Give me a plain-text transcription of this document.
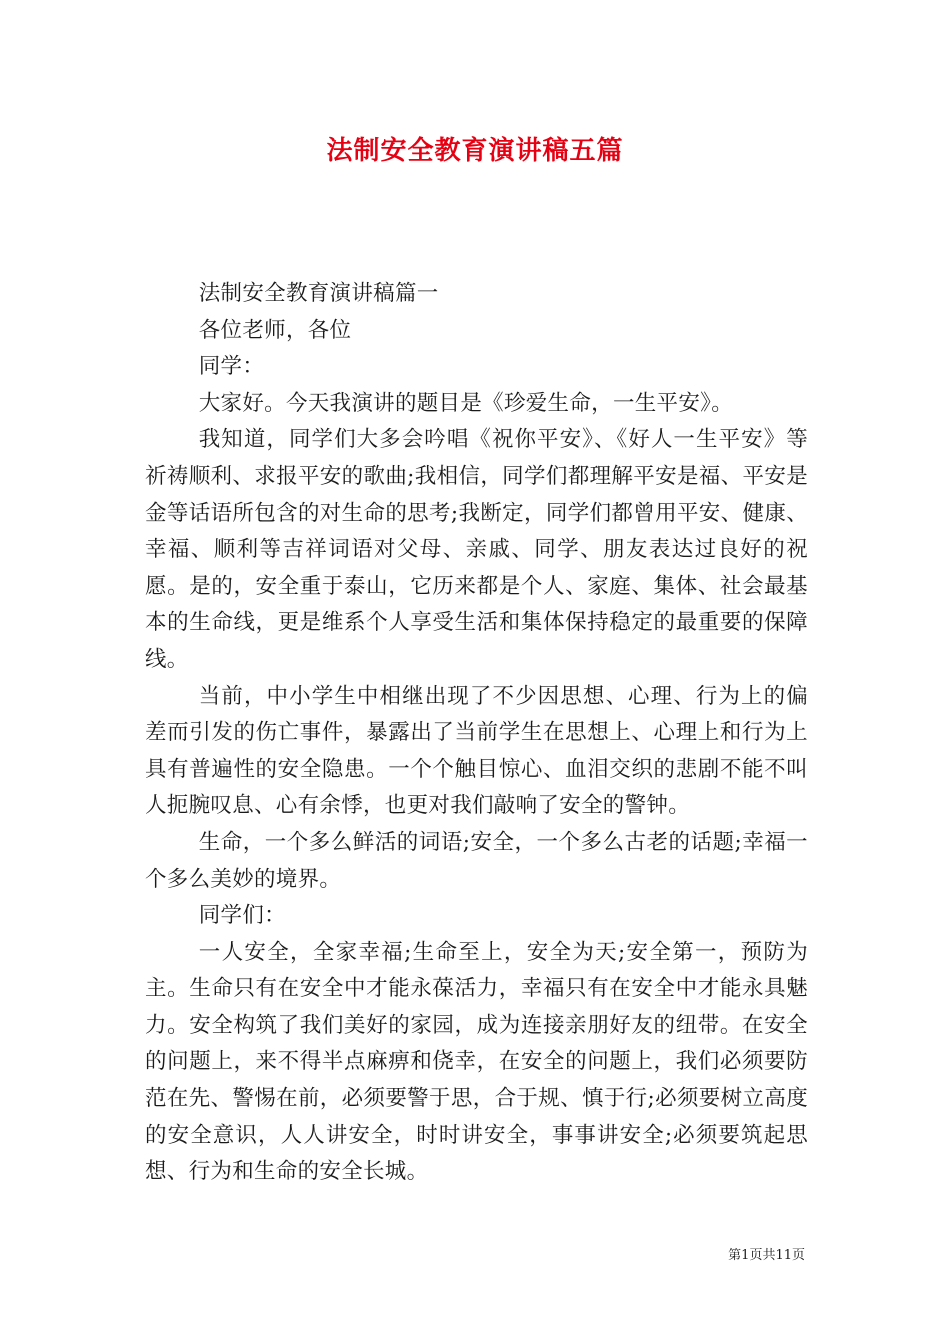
法制安全教育演讲稿五篇

法制安全教育演讲稿篇一

各位老师，各位

同学：

大家好。今天我演讲的题目是《珍爱生命，一生平安》。

我知道，同学们大多会吟唱《祝你平安》、《好人一生平安》等祈祷顺利、求报平安的歌曲;我相信，同学们都理解平安是福、平安是金等话语所包含的对生命的思考;我断定，同学们都曾用平安、健康、幸福、顺利等吉祥词语对父母、亲戚、同学、朋友表达过良好的祝愿。是的，安全重于泰山，它历来都是个人、家庭、集体、社会最基本的生命线，更是维系个人享受生活和集体保持稳定的最重要的保障线。

当前，中小学生中相继出现了不少因思想、心理、行为上的偏差而引发的伤亡事件，暴露出了当前学生在思想上、心理上和行为上具有普遍性的安全隐患。一个个触目惊心、血泪交织的悲剧不能不叫人扼腕叹息、心有余悸，也更对我们敲响了安全的警钟。

生命，一个多么鲜活的词语;安全，一个多么古老的话题;幸福一个多么美妙的境界。

同学们：

一人安全，全家幸福;生命至上，安全为天;安全第一，预防为主。生命只有在安全中才能永葆活力，幸福只有在安全中才能永具魅力。安全构筑了我们美好的家园，成为连接亲朋好友的纽带。在安全的问题上，来不得半点麻痹和侥幸，在安全的问题上，我们必须要防范在先、警惕在前，必须要警于思，合于规、慎于行;必须要树立高度的安全意识，人人讲安全，时时讲安全，事事讲安全;必须要筑起思想、行为和生命的安全长城。

第1页共11页
